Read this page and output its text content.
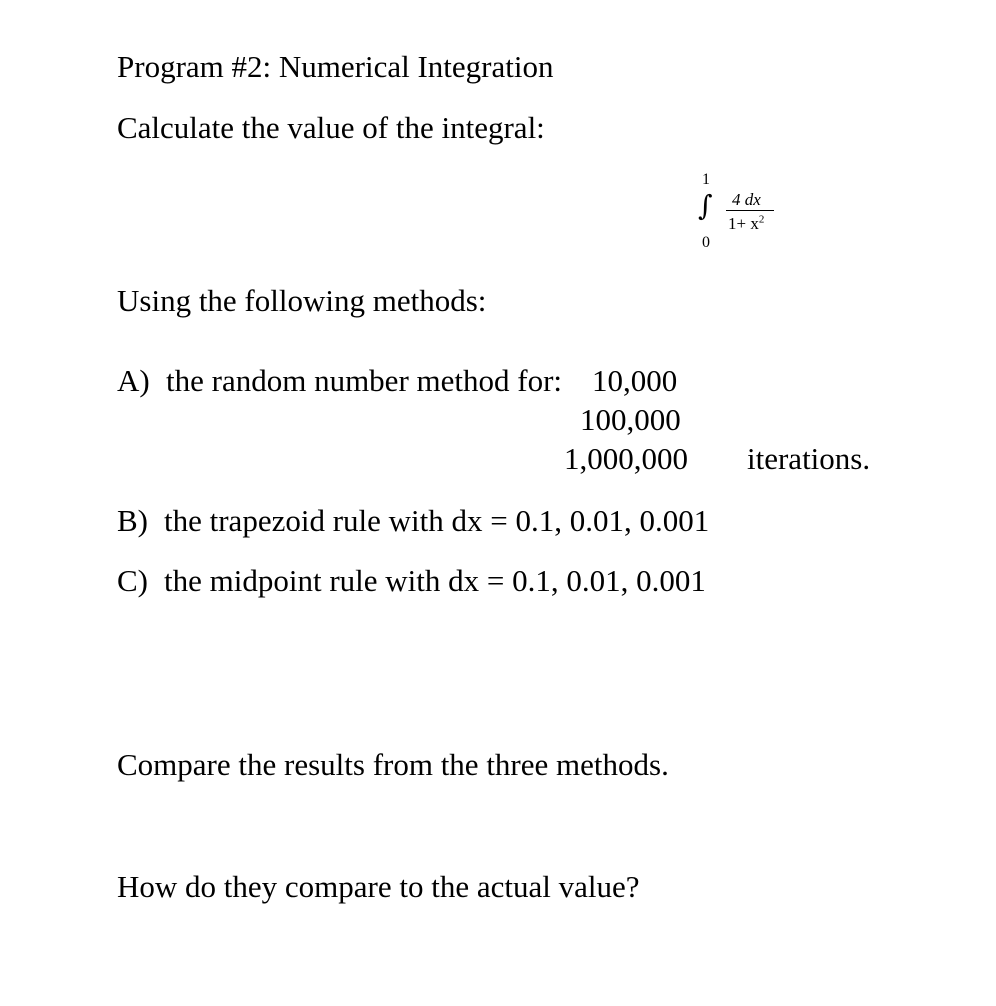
Program #2: Numerical Integration
Calculate the value of the integral:
1
∫
0
4 dx
$1+ x^2$
Using the following methods:
A) the random number method for: 10,000
100,000
1,000,000 iterations.
B) the trapezoid rule with dx = 0.1, 0.01, 0.001
C) the midpoint rule with dx = 0.1, 0.01, 0.001
Compare the results from the three methods.
How do they compare to the actual value?
